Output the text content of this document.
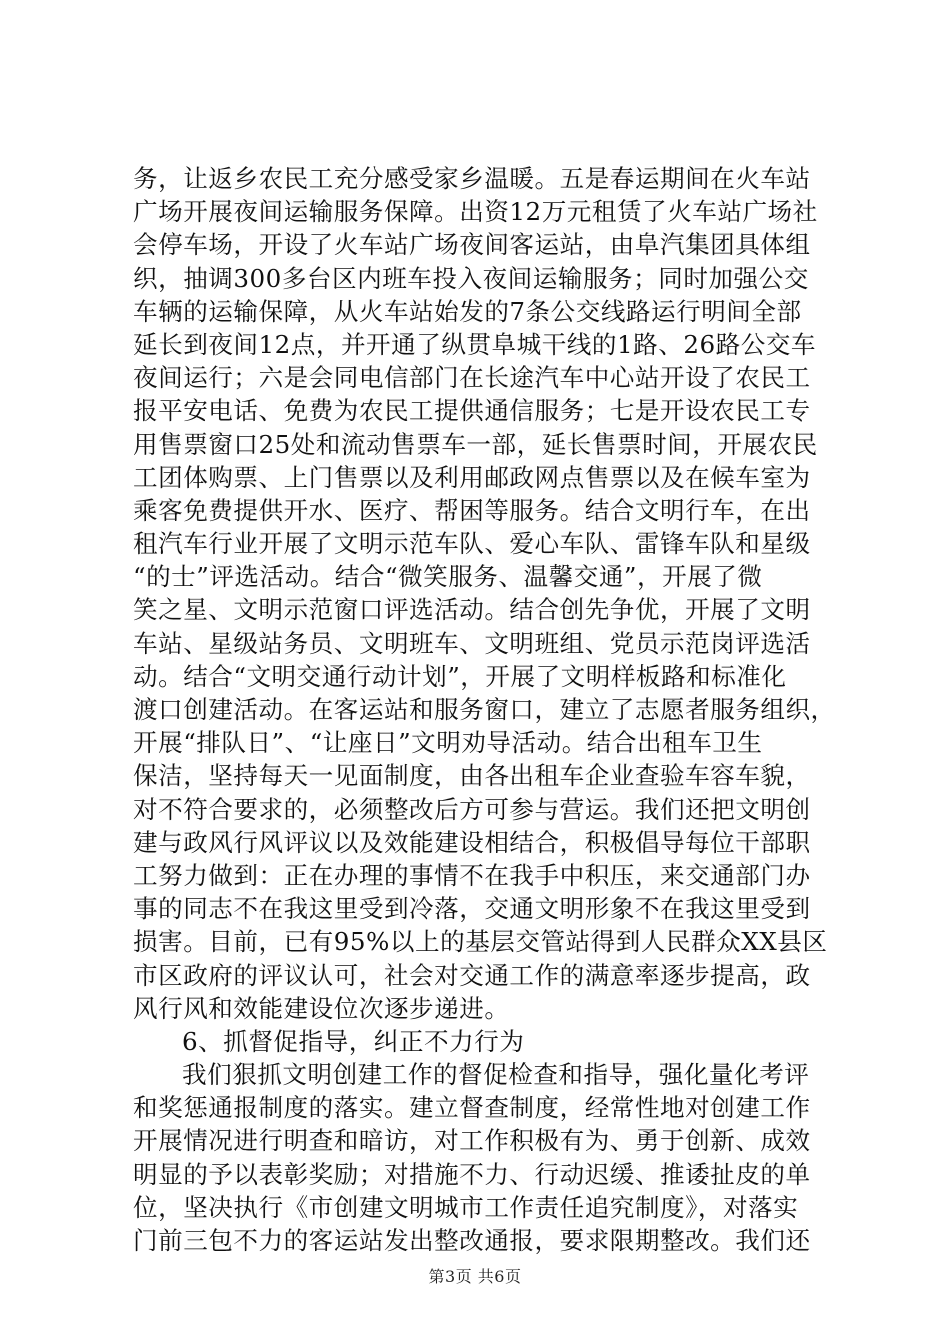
务，让返乡农民工充分感受家乡温暖。五是春运期间在火车站
广场开展夜间运输服务保障。出资12万元租赁了火车站广场社
会停车场，开设了火车站广场夜间客运站，由阜汽集团具体组
织，抽调300多台区内班车投入夜间运输服务；同时加强公交
车辆的运输保障，从火车站始发的7条公交线路运行明间全部
延长到夜间12点，并开通了纵贯阜城干线的1路、26路公交车
夜间运行；六是会同电信部门在长途汽车中心站开设了农民工
报平安电话、免费为农民工提供通信服务；七是开设农民工专
用售票窗口25处和流动售票车一部，延长售票时间，开展农民
工团体购票、上门售票以及利用邮政网点售票以及在候车室为
乘客免费提供开水、医疗、帮困等服务。结合文明行车，在出
租汽车行业开展了文明示范车队、爱心车队、雷锋车队和星级
“的士”评选活动。结合“微笑服务、温馨交通”，开展了微
笑之星、文明示范窗口评选活动。结合创先争优，开展了文明
车站、星级站务员、文明班车、文明班组、党员示范岗评选活
动。结合“文明交通行动计划”，开展了文明样板路和标准化
渡口创建活动。在客运站和服务窗口，建立了志愿者服务组织，
开展“排队日”、“让座日”文明劝导活动。结合出租车卫生
保洁，坚持每天一见面制度，由各出租车企业查验车容车貌，
对不符合要求的，必须整改后方可参与营运。我们还把文明创
建与政风行风评议以及效能建设相结合，积极倡导每位干部职
工努力做到：正在办理的事情不在我手中积压，来交通部门办
事的同志不在我这里受到冷落，交通文明形象不在我这里受到
损害。目前，已有95%以上的基层交管站得到人民群众XX县区
市区政府的评议认可，社会对交通工作的满意率逐步提高，政
风行风和效能建设位次逐步递进。
6、抓督促指导，纠正不力行为
我们狠抓文明创建工作的督促检查和指导，强化量化考评
和奖惩通报制度的落实。建立督查制度，经常性地对创建工作
开展情况进行明查和暗访，对工作积极有为、勇于创新、成效
明显的予以表彰奖励；对措施不力、行动迟缓、推诿扯皮的单
位，坚决执行《市创建文明城市工作责任追究制度》，对落实
门前三包不力的客运站发出整改通报，要求限期整改。我们还
第3页 共6页
